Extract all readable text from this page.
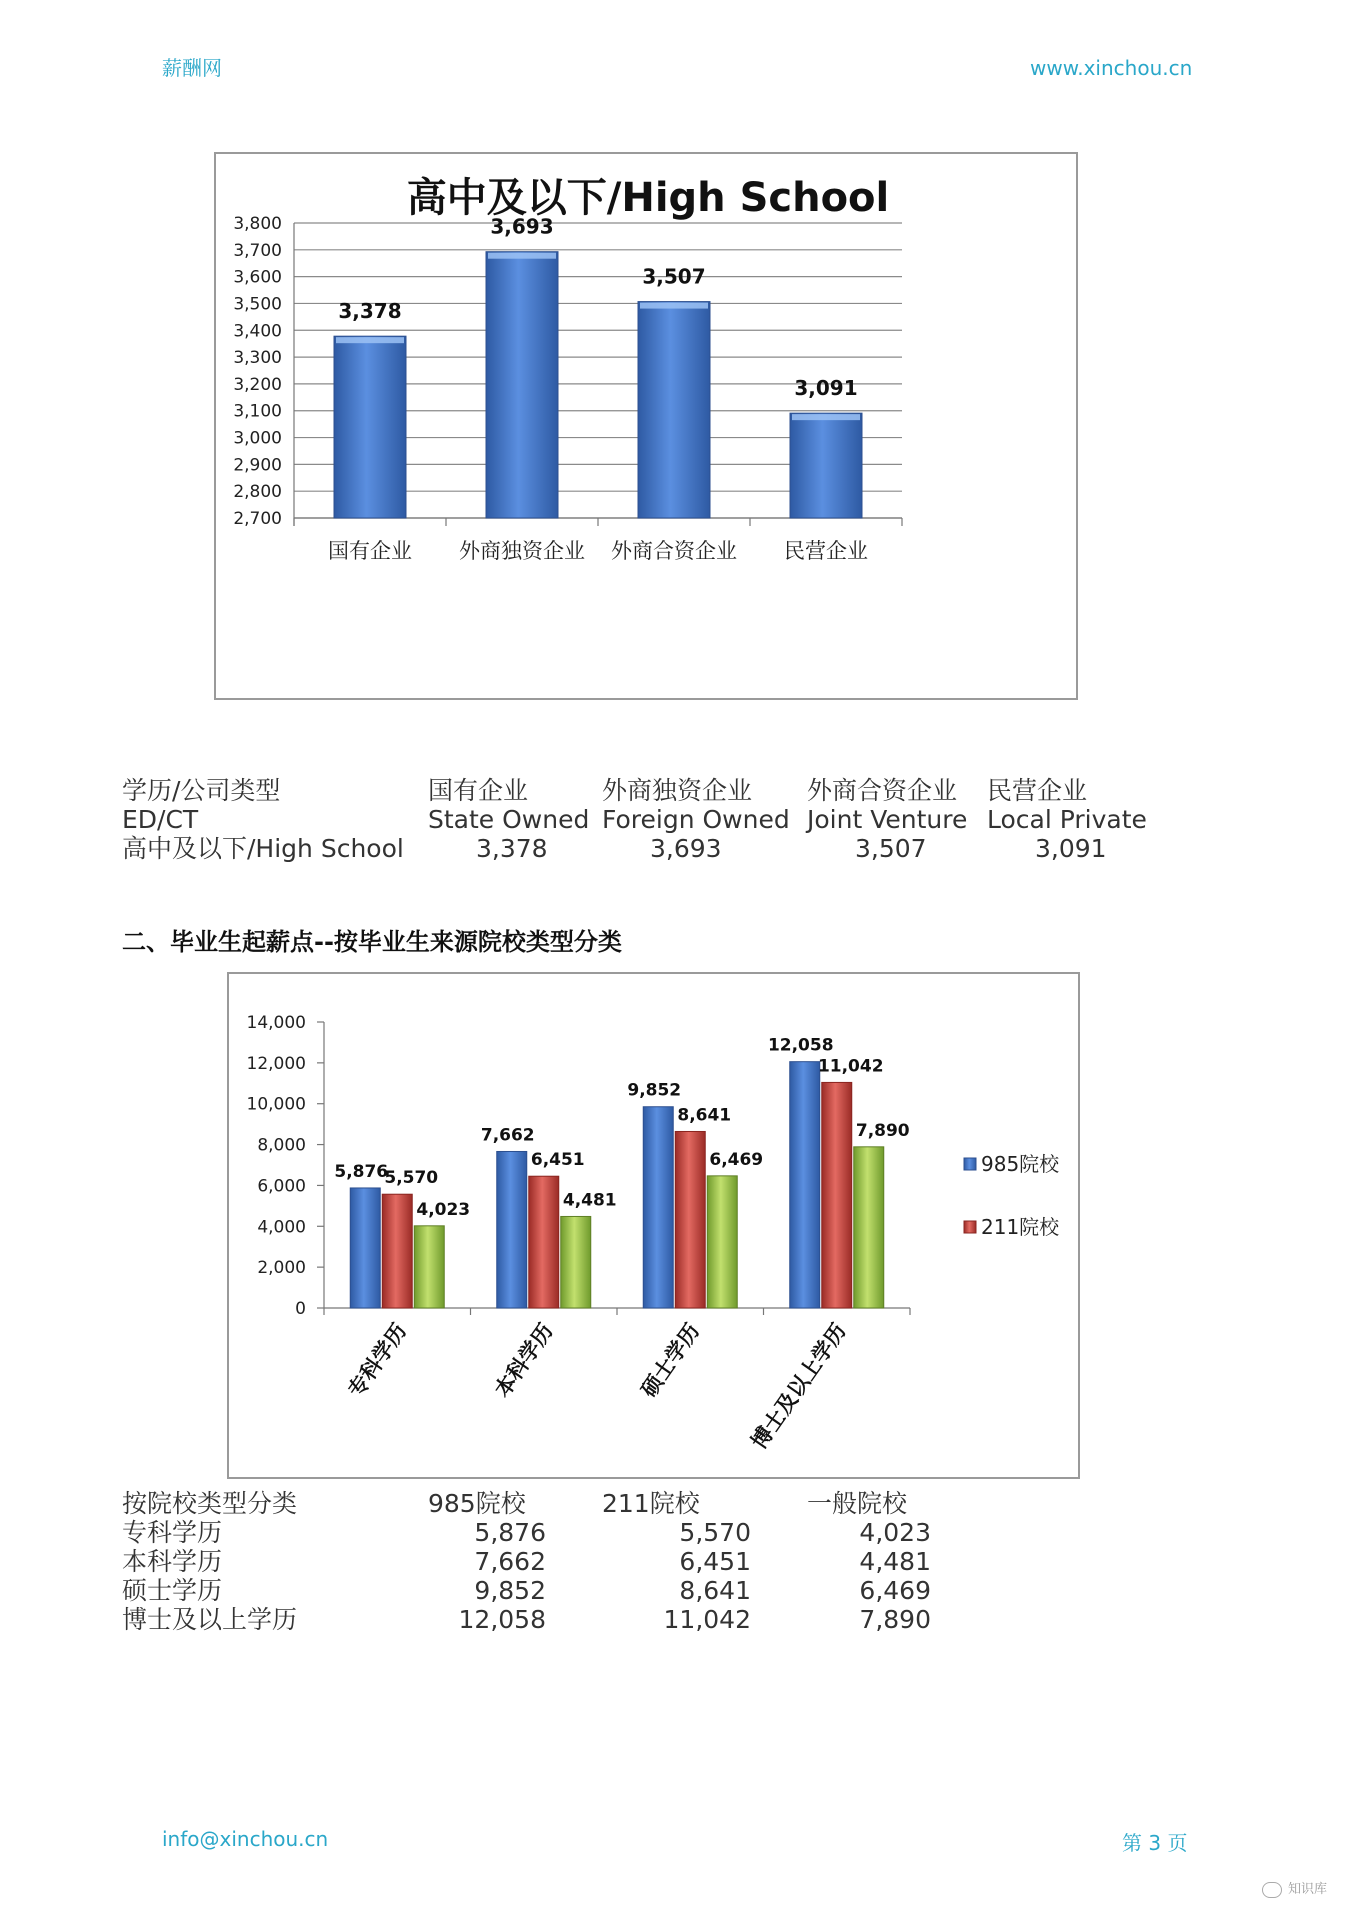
薪酬网	www.xinchou.cn
高中及以下/High School
2,700
2,800
2,900
3,000
3,100
3,200
3,300
3,400
3,500
3,600
3,700
3,800
3,378
国有企业
3,693
外商独资企业
3,507
外商合资企业
3,091
民营企业
学历/公司类型	国有企业	外商独资企业	外商合资企业	民营企业
ED/CT	State Owned	Foreign Owned	Joint Venture	Local Private
高中及以下/High School	3,378	3,693	3,507	3,091
二、毕业生起薪点--按毕业生来源院校类型分类
0
2,000
4,000
6,000
8,000
10,000
12,000
14,000
5,876
5,570
4,023
专科学历
7,662
6,451
4,481
本科学历
9,852
8,641
6,469
硕士学历
12,058
11,042
7,890
博士及以上学历
985院校
211院校
按院校类型分类	985院校	211院校	一般院校
专科学历	5,876	5,570	4,023
本科学历	7,662	6,451	4,481
硕士学历	9,852	8,641	6,469
博士及以上学历	12,058	11,042	7,890
info@xinchou.cn	第 3 页
知识库
